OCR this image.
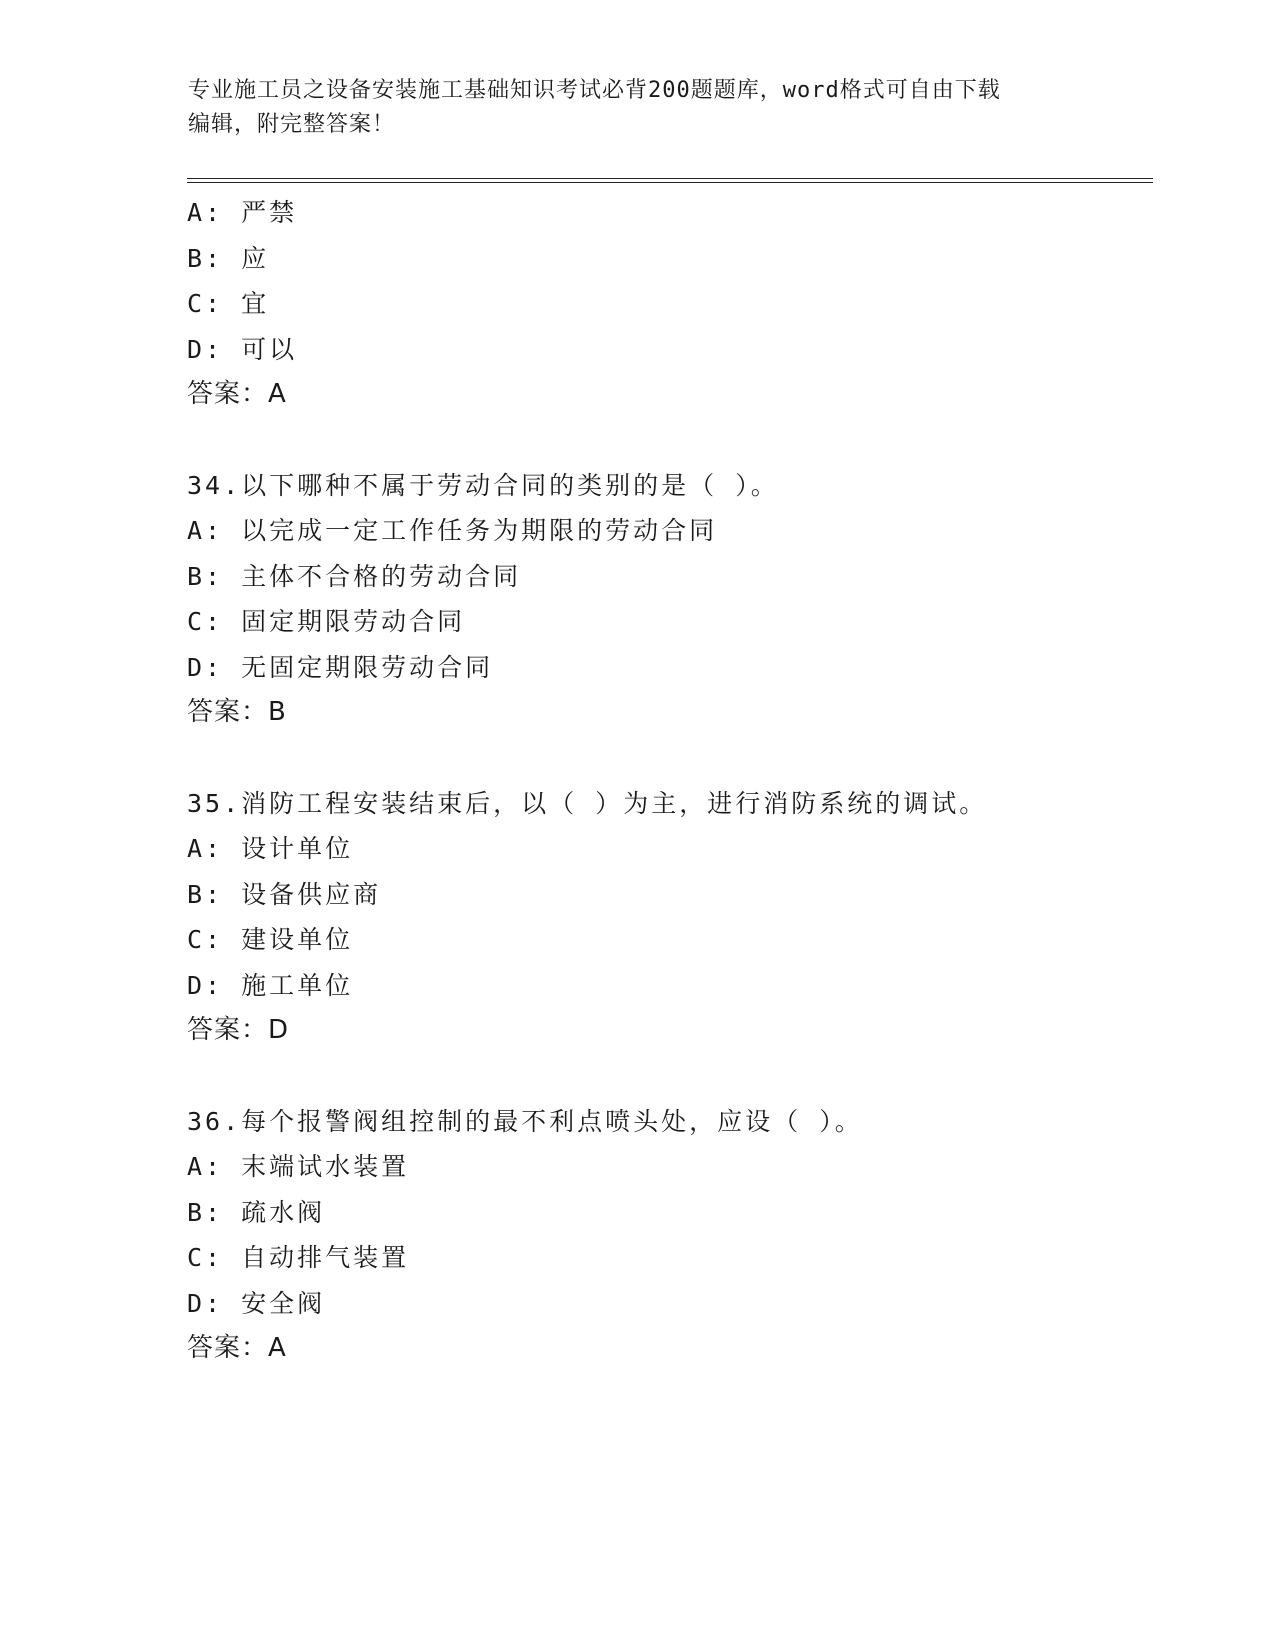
专业施工员之设备安装施工基础知识考试必背200题题库，word格式可自由下载
编辑，附完整答案！
A: 严禁
B: 应
C: 宜
D: 可以
答案：A
34.以下哪种不属于劳动合同的类别的是（ ）。
A: 以完成一定工作任务为期限的劳动合同
B: 主体不合格的劳动合同
C: 固定期限劳动合同
D: 无固定期限劳动合同
答案：B
35.消防工程安装结束后，以（ ）为主，进行消防系统的调试。
A: 设计单位
B: 设备供应商
C: 建设单位
D: 施工单位
答案：D
36.每个报警阀组控制的最不利点喷头处，应设（ ）。
A: 末端试水装置
B: 疏水阀
C: 自动排气装置
D: 安全阀
答案：A
